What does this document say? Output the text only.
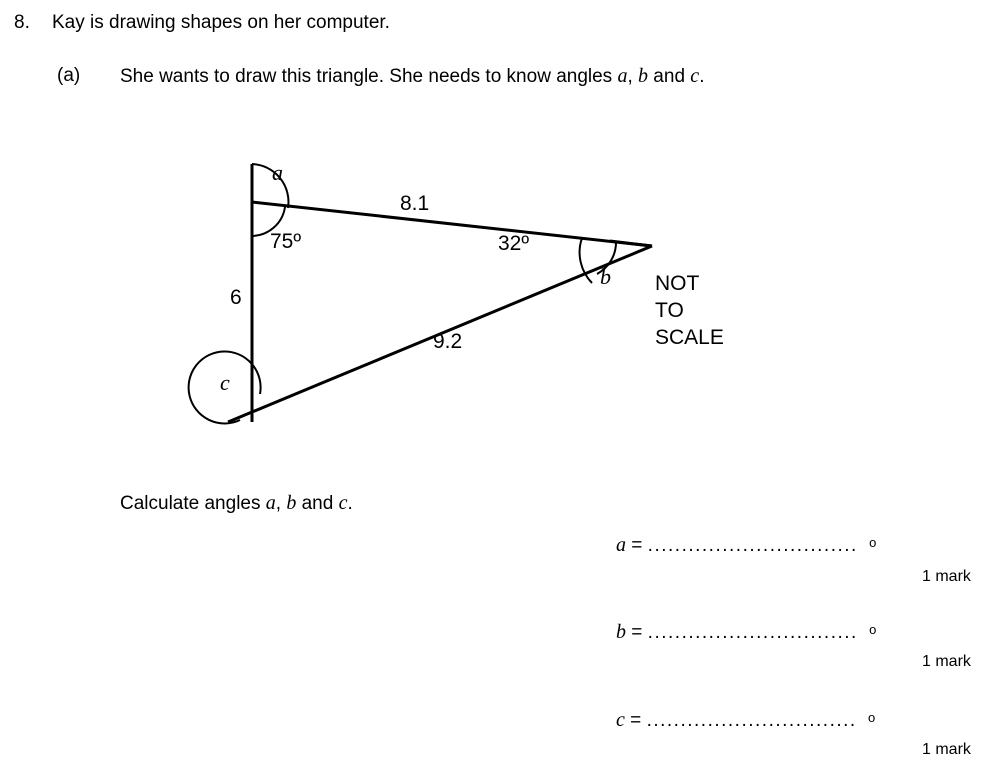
8. Kay is drawing shapes on her computer.
(a) She wants to draw this triangle. She needs to know angles a, b and c.
a
75º
8.1
32º
b
6
9.2
c
NOT
TO
SCALE
Calculate angles a, b and c.
a = ............................... $^o$
1 mark
b = ............................... $^o$
1 mark
c = ............................... $^o$
1 mark
